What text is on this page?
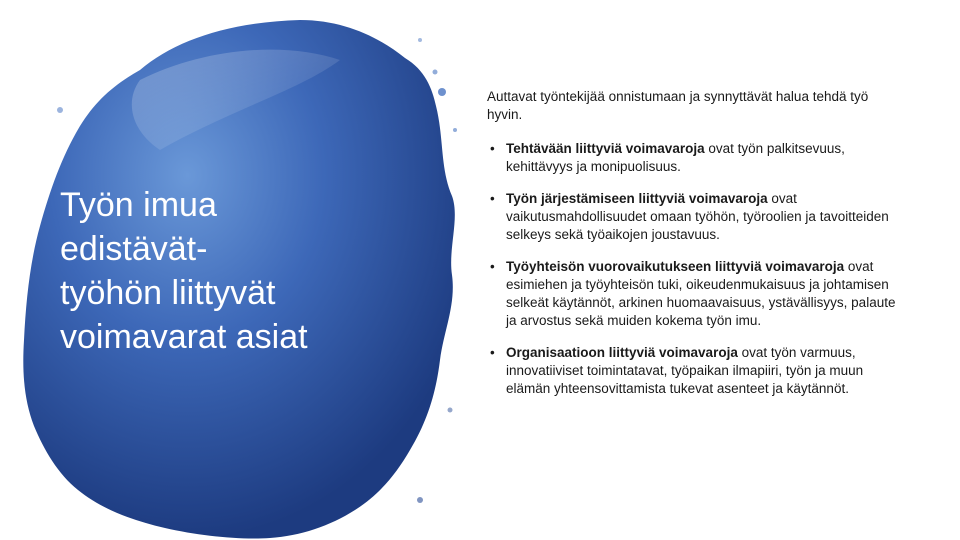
Työn imua
edistävät-
työhön liittyvät
voimavarat asiat

Auttavat työntekijää onnistumaan ja synnyttävät halua tehdä työ hyvin.

• Tehtävään liittyviä voimavaroja ovat työn palkitsevuus, kehittävyys ja monipuolisuus.
• Työn järjestämiseen liittyviä voimavaroja ovat vaikutusmahdollisuudet omaan työhön, työroolien ja tavoitteiden selkeys sekä työaikojen joustavuus.
• Työyhteisön vuorovaikutukseen liittyviä voimavaroja ovat esimiehen ja työyhteisön tuki, oikeudenmukaisuus ja johtamisen selkeät käytännöt, arkinen huomaavaisuus, ystävällisyys, palaute ja arvostus sekä muiden kokema työn imu.
• Organisaatioon liittyviä voimavaroja ovat työn varmuus, innovatiiviset toimintatavat, työpaikan ilmapiiri, työn ja muun elämän yhteensovittamista tukevat asenteet ja käytännöt.
